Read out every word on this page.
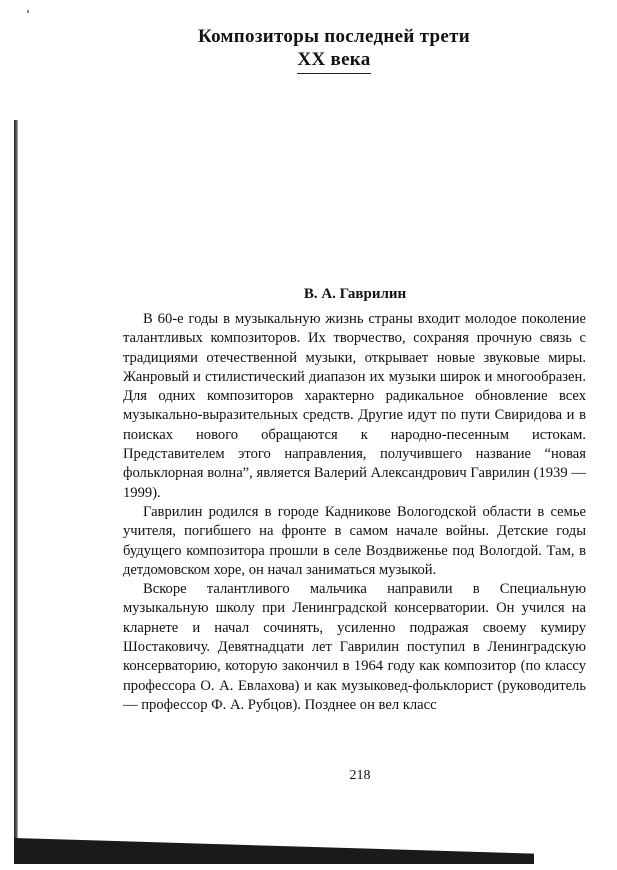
Композиторы последней трети
XX века
В. А. Гаврилин

В 60-е годы в музыкальную жизнь страны входит молодое поколение талантливых композиторов. Их творчество, сохраняя прочную связь с традициями отечественной музыки, открывает новые звуковые миры. Жанровый и стилистический диапазон их музыки широк и многообразен. Для одних композиторов характерно радикальное обновление всех музыкально-выразительных средств. Другие идут по пути Свиридова и в поисках нового обращаются к народно-песенным истокам. Представителем этого направления, получившего название “новая фольклорная волна”, является Валерий Александрович Гаврилин (1939 —1999).

Гаврилин родился в городе Кадникове Вологодской области в семье учителя, погибшего на фронте в самом начале войны. Детские годы будущего композитора прошли в селе Воздвиженье под Вологдой. Там, в детдомовском хоре, он начал заниматься музыкой.

Вскоре талантливого мальчика направили в Специальную музыкальную школу при Ленинградской консерватории. Он учился на кларнете и начал сочинять, усиленно подражая своему кумиру Шостаковичу. Девятнадцати лет Гаврилин поступил в Ленинградскую консерваторию, которую закончил в 1964 году как композитор (по классу профессора О. А. Евлахова) и как музыковед-фольклорист (руководитель — профессор Ф. А. Рубцов). Позднее он вел класс

218
